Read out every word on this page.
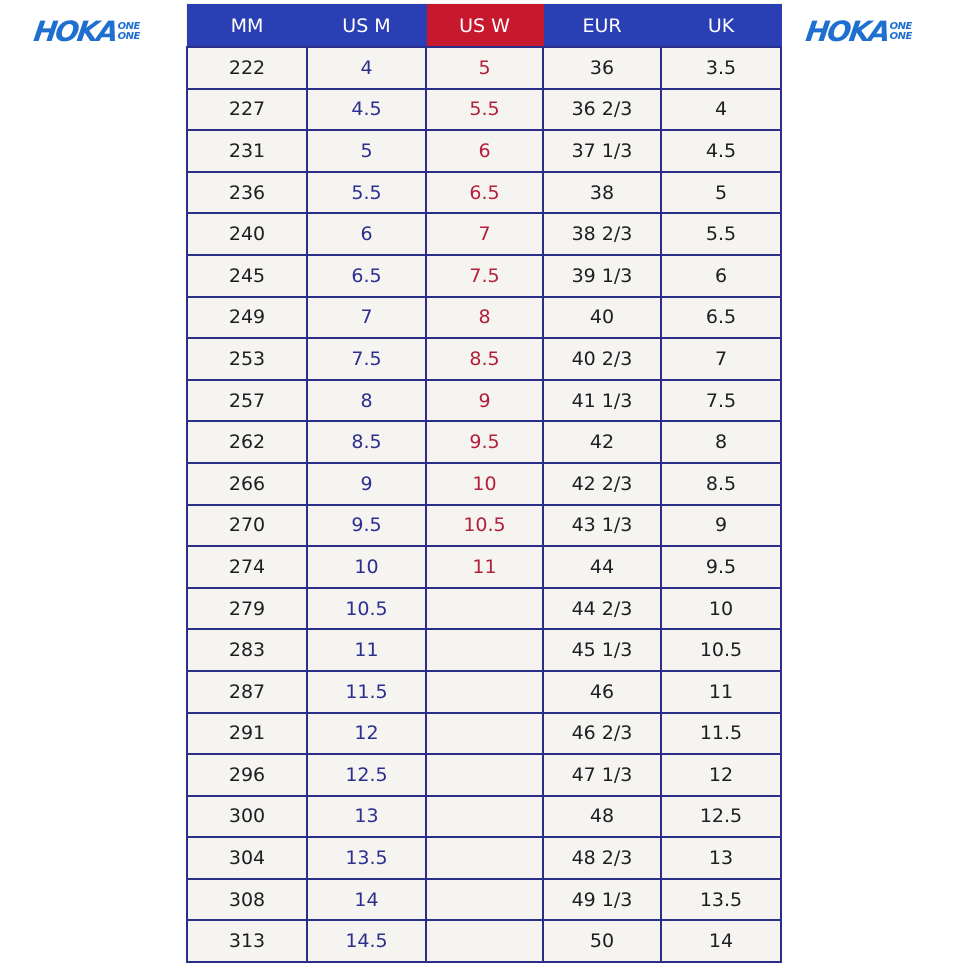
HOKA
ONE
ONE	HOKA
ONE
ONE
MM	US M	US W	EUR	UK
222	4	5	36	3.5
227	4.5	5.5	36 2/3	4
231	5	6	37 1/3	4.5
236	5.5	6.5	38	5
240	6	7	38 2/3	5.5
245	6.5	7.5	39 1/3	6
249	7	8	40	6.5
253	7.5	8.5	40 2/3	7
257	8	9	41 1/3	7.5
262	8.5	9.5	42	8
266	9	10	42 2/3	8.5
270	9.5	10.5	43 1/3	9
274	10	11	44	9.5
279	10.5		44 2/3	10
283	11		45 1/3	10.5
287	11.5		46	11
291	12		46 2/3	11.5
296	12.5		47 1/3	12
300	13		48	12.5
304	13.5		48 2/3	13
308	14		49 1/3	13.5
313	14.5		50	14
